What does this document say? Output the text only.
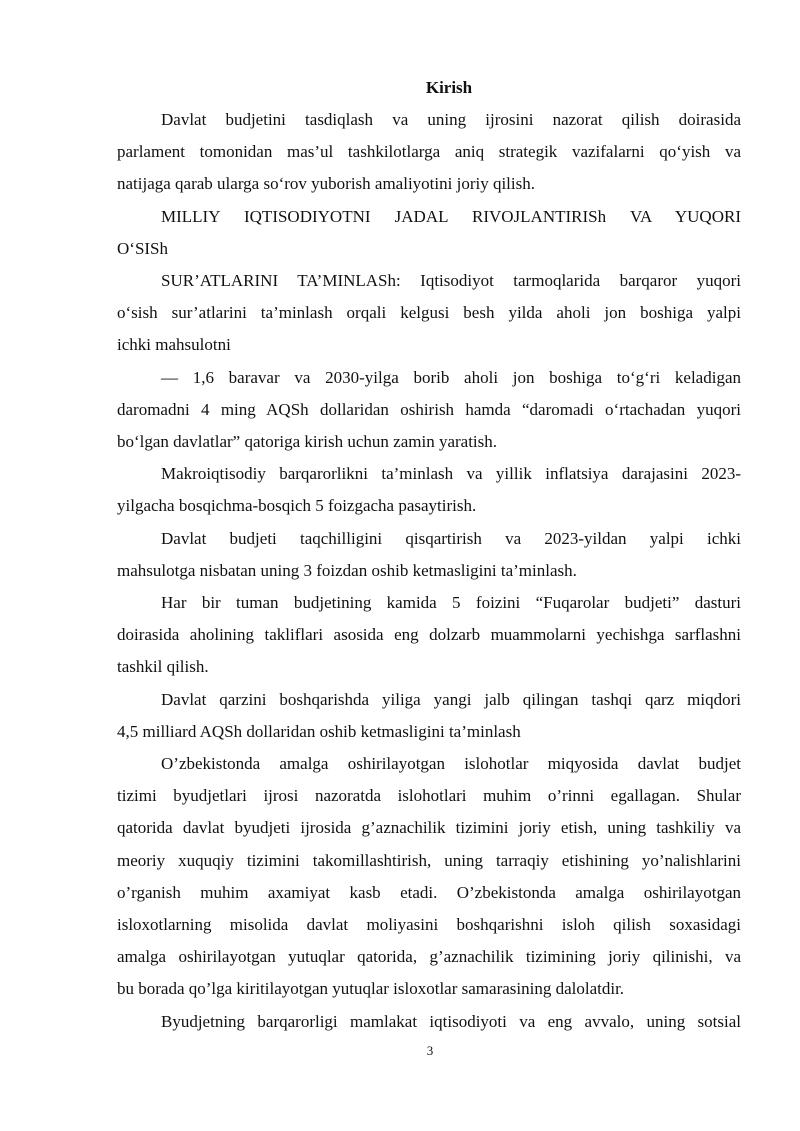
Kirish
Davlat budjetini tasdiqlash va uning ijrosini nazorat qilish doirasida
parlament tomonidan mas’ul tashkilotlarga aniq strategik vazifalarni qo‘yish va
natijaga qarab ularga so‘rov yuborish amaliyotini joriy qilish.
MILLIY IQTISODIYOTNI JADAL RIVOJLANTIRISh VA YUQORI
O‘SISh
SUR’ATLARINI TA’MINLASh: Iqtisodiyot tarmoqlarida barqaror yuqori
o‘sish sur’atlarini ta’minlash orqali kelgusi besh yilda aholi jon boshiga yalpi
ichki mahsulotni
— 1,6 baravar va 2030-yilga borib aholi jon boshiga to‘g‘ri keladigan
daromadni 4 ming AQSh dollaridan oshirish hamda “daromadi o‘rtachadan yuqori
bo‘lgan davlatlar” qatoriga kirish uchun zamin yaratish.
Makroiqtisodiy barqarorlikni ta’minlash va yillik inflatsiya darajasini 2023-
yilgacha bosqichma-bosqich 5 foizgacha pasaytirish.
Davlat budjeti taqchilligini qisqartirish va 2023-yildan yalpi ichki
mahsulotga nisbatan uning 3 foizdan oshib ketmasligini ta’minlash.
Har bir tuman budjetining kamida 5 foizini “Fuqarolar budjeti” dasturi
doirasida aholining takliflari asosida eng dolzarb muammolarni yechishga sarflashni
tashkil qilish.
Davlat qarzini boshqarishda yiliga yangi jalb qilingan tashqi qarz miqdori
4,5 milliard AQSh dollaridan oshib ketmasligini ta’minlash
O’zbekistonda amalga oshirilayotgan islohotlar miqyosida davlat budjet
tizimi byudjetlari ijrosi nazoratda islohotlari muhim o’rinni egallagan. Shular
qatorida davlat byudjeti ijrosida g’aznachilik tizimini joriy etish, uning tashkiliy va
meoriy xuquqiy tizimini takomillashtirish, uning tarraqiy etishining yo’nalishlarini
o’rganish muhim axamiyat kasb etadi. O’zbekistonda amalga oshirilayotgan
isloxotlarning misolida davlat moliyasini boshqarishni isloh qilish soxasidagi
amalga oshirilayotgan yutuqlar qatorida, g’aznachilik tizimining joriy qilinishi, va
bu borada qo’lga kiritilayotgan yutuqlar isloxotlar samarasining dalolatdir.
Byudjetning barqarorligi mamlakat iqtisodiyoti va eng avvalo, uning sotsial
3
